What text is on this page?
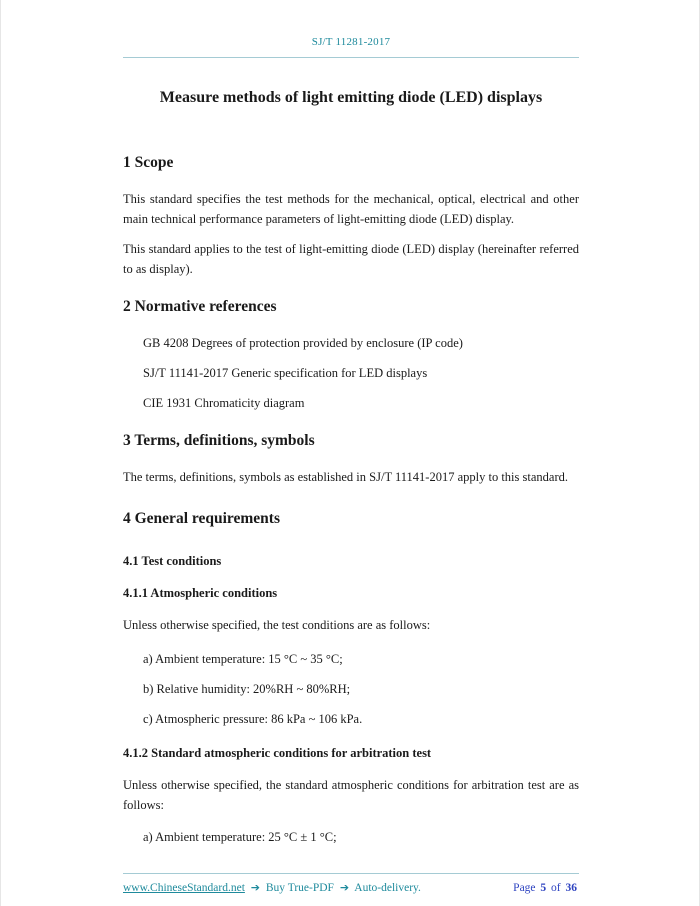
SJ/T 11281-2017
Measure methods of light emitting diode (LED) displays
1 Scope

This standard specifies the test methods for the mechanical, optical, electrical and other main technical performance parameters of light-emitting diode (LED) display.

This standard applies to the test of light-emitting diode (LED) display (hereinafter referred to as display).

2 Normative references
GB 4208 Degrees of protection provided by enclosure (IP code)
SJ/T 11141-2017 Generic specification for LED displays
CIE 1931 Chromaticity diagram
3 Terms, definitions, symbols

The terms, definitions, symbols as established in SJ/T 11141-2017 apply to this standard.

4 General requirements
4.1 Test conditions
4.1.1 Atmospheric conditions

Unless otherwise specified, the test conditions are as follows:

a) Ambient temperature: 15 °C ~ 35 °C;
b) Relative humidity: 20%RH ~ 80%RH;
c) Atmospheric pressure: 86 kPa ~ 106 kPa.
4.1.2 Standard atmospheric conditions for arbitration test

Unless otherwise specified, the standard atmospheric conditions for arbitration test are as follows:

a) Ambient temperature: 25 °C ± 1 °C;
www.ChineseStandard.net ➔ Buy True-PDF ➔ Auto-delivery.	Page 5 of 36
